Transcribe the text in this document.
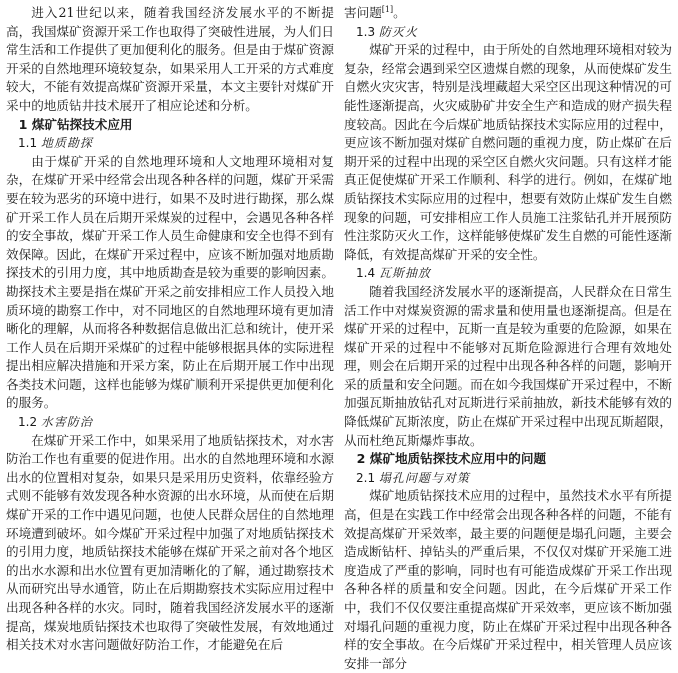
进入21世纪以来，随着我国经济发展水平的不断提高，我国煤矿资源开采工作也取得了突破性进展，为人们日常生活和工作提供了更加便利化的服务。但是由于煤矿资源开采的自然地理环境较复杂，如果采用人工开采的方式难度较大，不能有效提高煤矿资源开采量，本文主要针对煤矿开采中的地质钻井技术展开了相应论述和分析。

1 煤矿钻探技术应用
1.1 地质勘探

由于煤矿开采的自然地理环境和人文地理环境相对复杂，在煤矿开采中经常会出现各种各样的问题，煤矿开采需要在较为恶劣的环境中进行，如果不及时进行勘探，那么煤矿开采工作人员在后期开采煤炭的过程中，会遇见各种各样的安全事故，煤矿开采工作人员生命健康和安全也得不到有效保障。因此，在煤矿开采过程中，应该不断加强对地质勘探技术的引用力度，其中地质勘查是较为重要的影响因素。勘探技术主要是指在煤矿开采之前安排相应工作人员投入地质环境的勘察工作中，对不同地区的自然地理环境有更加清晰化的理解，从而将各种数据信息做出汇总和统计，使开采工作人员在后期开采煤矿的过程中能够根据具体的实际进程提出相应解决措施和开采方案，防止在后期开展工作中出现各类技术问题，这样也能够为煤矿顺利开采提供更加便利化的服务。

1.2 水害防治

在煤矿开采工作中，如果采用了地质钻探技术，对水害防治工作也有重要的促进作用。出水的自然地理环境和水源出水的位置相对复杂，如果只是采用历史资料，依靠经验方式则不能够有效发现各种水资源的出水环境，从而使在后期煤矿开采的工作中遇见问题，也使人民群众居住的自然地理环境遭到破坏。如今煤矿开采过程中加强了对地质钻探技术的引用力度，地质钻探技术能够在煤矿开采之前对各个地区的出水水源和出水位置有更加清晰化的了解，通过勘察技术从而研究出导水通管，防止在后期勘察技术实际应用过程中出现各种各样的水灾。同时，随着我国经济发展水平的逐渐提高，煤炭地质钻探技术也取得了突破性发展，有效地通过相关技术对水害问题做好防治工作，才能避免在后

害问题[1]。

1.3 防灭火

煤矿开采的过程中，由于所处的自然地理环境相对较为复杂，经常会遇到采空区遗煤自燃的现象，从而使煤矿发生自燃火灾灾害，特别是浅埋藏超大采空区出现这种情况的可能性逐渐提高，火灾威胁矿井安全生产和造成的财产损失程度较高。因此在今后煤矿地质钻探技术实际应用的过程中，更应该不断加强对煤矿自燃问题的重视力度，防止煤矿在后期开采的过程中出现的采空区自燃火灾问题。只有这样才能真正促使煤矿开采工作顺利、科学的进行。例如，在煤矿地质钻探技术实际应用的过程中，想要有效防止煤矿发生自燃现象的问题，可安排相应工作人员施工注浆钻孔并开展预防性注浆防灭火工作，这样能够使煤矿发生自燃的可能性逐渐降低，有效提高煤矿开采的安全性。

1.4 瓦斯抽放

随着我国经济发展水平的逐渐提高，人民群众在日常生活工作中对煤炭资源的需求量和使用量也逐渐提高。但是在煤矿开采的过程中，瓦斯一直是较为重要的危险源，如果在煤矿开采的过程中不能够对瓦斯危险源进行合理有效地处理，则会在后期开采的过程中出现各种各样的问题，影响开采的质量和安全问题。而在如今我国煤矿开采过程中，不断加强瓦斯抽放钻孔对瓦斯进行采前抽放，新技术能够有效的降低煤矿瓦斯浓度，防止在煤矿开采过程中出现瓦斯超限，从而杜绝瓦斯爆炸事故。

2 煤矿地质钻探技术应用中的问题
2.1 塌孔问题与对策

煤矿地质钻探技术应用的过程中，虽然技术水平有所提高，但是在实践工作中经常会出现各种各样的问题，不能有效提高煤矿开采效率，最主要的问题便是塌孔问题，主要会造成断钻杆、掉钻头的严重后果，不仅仅对煤矿开采施工进度造成了严重的影响，同时也有可能造成煤矿开采工作出现各种各样的质量和安全问题。因此，在今后煤矿开采工作中，我们不仅仅要注重提高煤矿开采效率，更应该不断加强对塌孔问题的重视力度，防止在煤矿开采过程中出现各种各样的安全事故。在今后煤矿开采过程中，相关管理人员应该安排一部分
